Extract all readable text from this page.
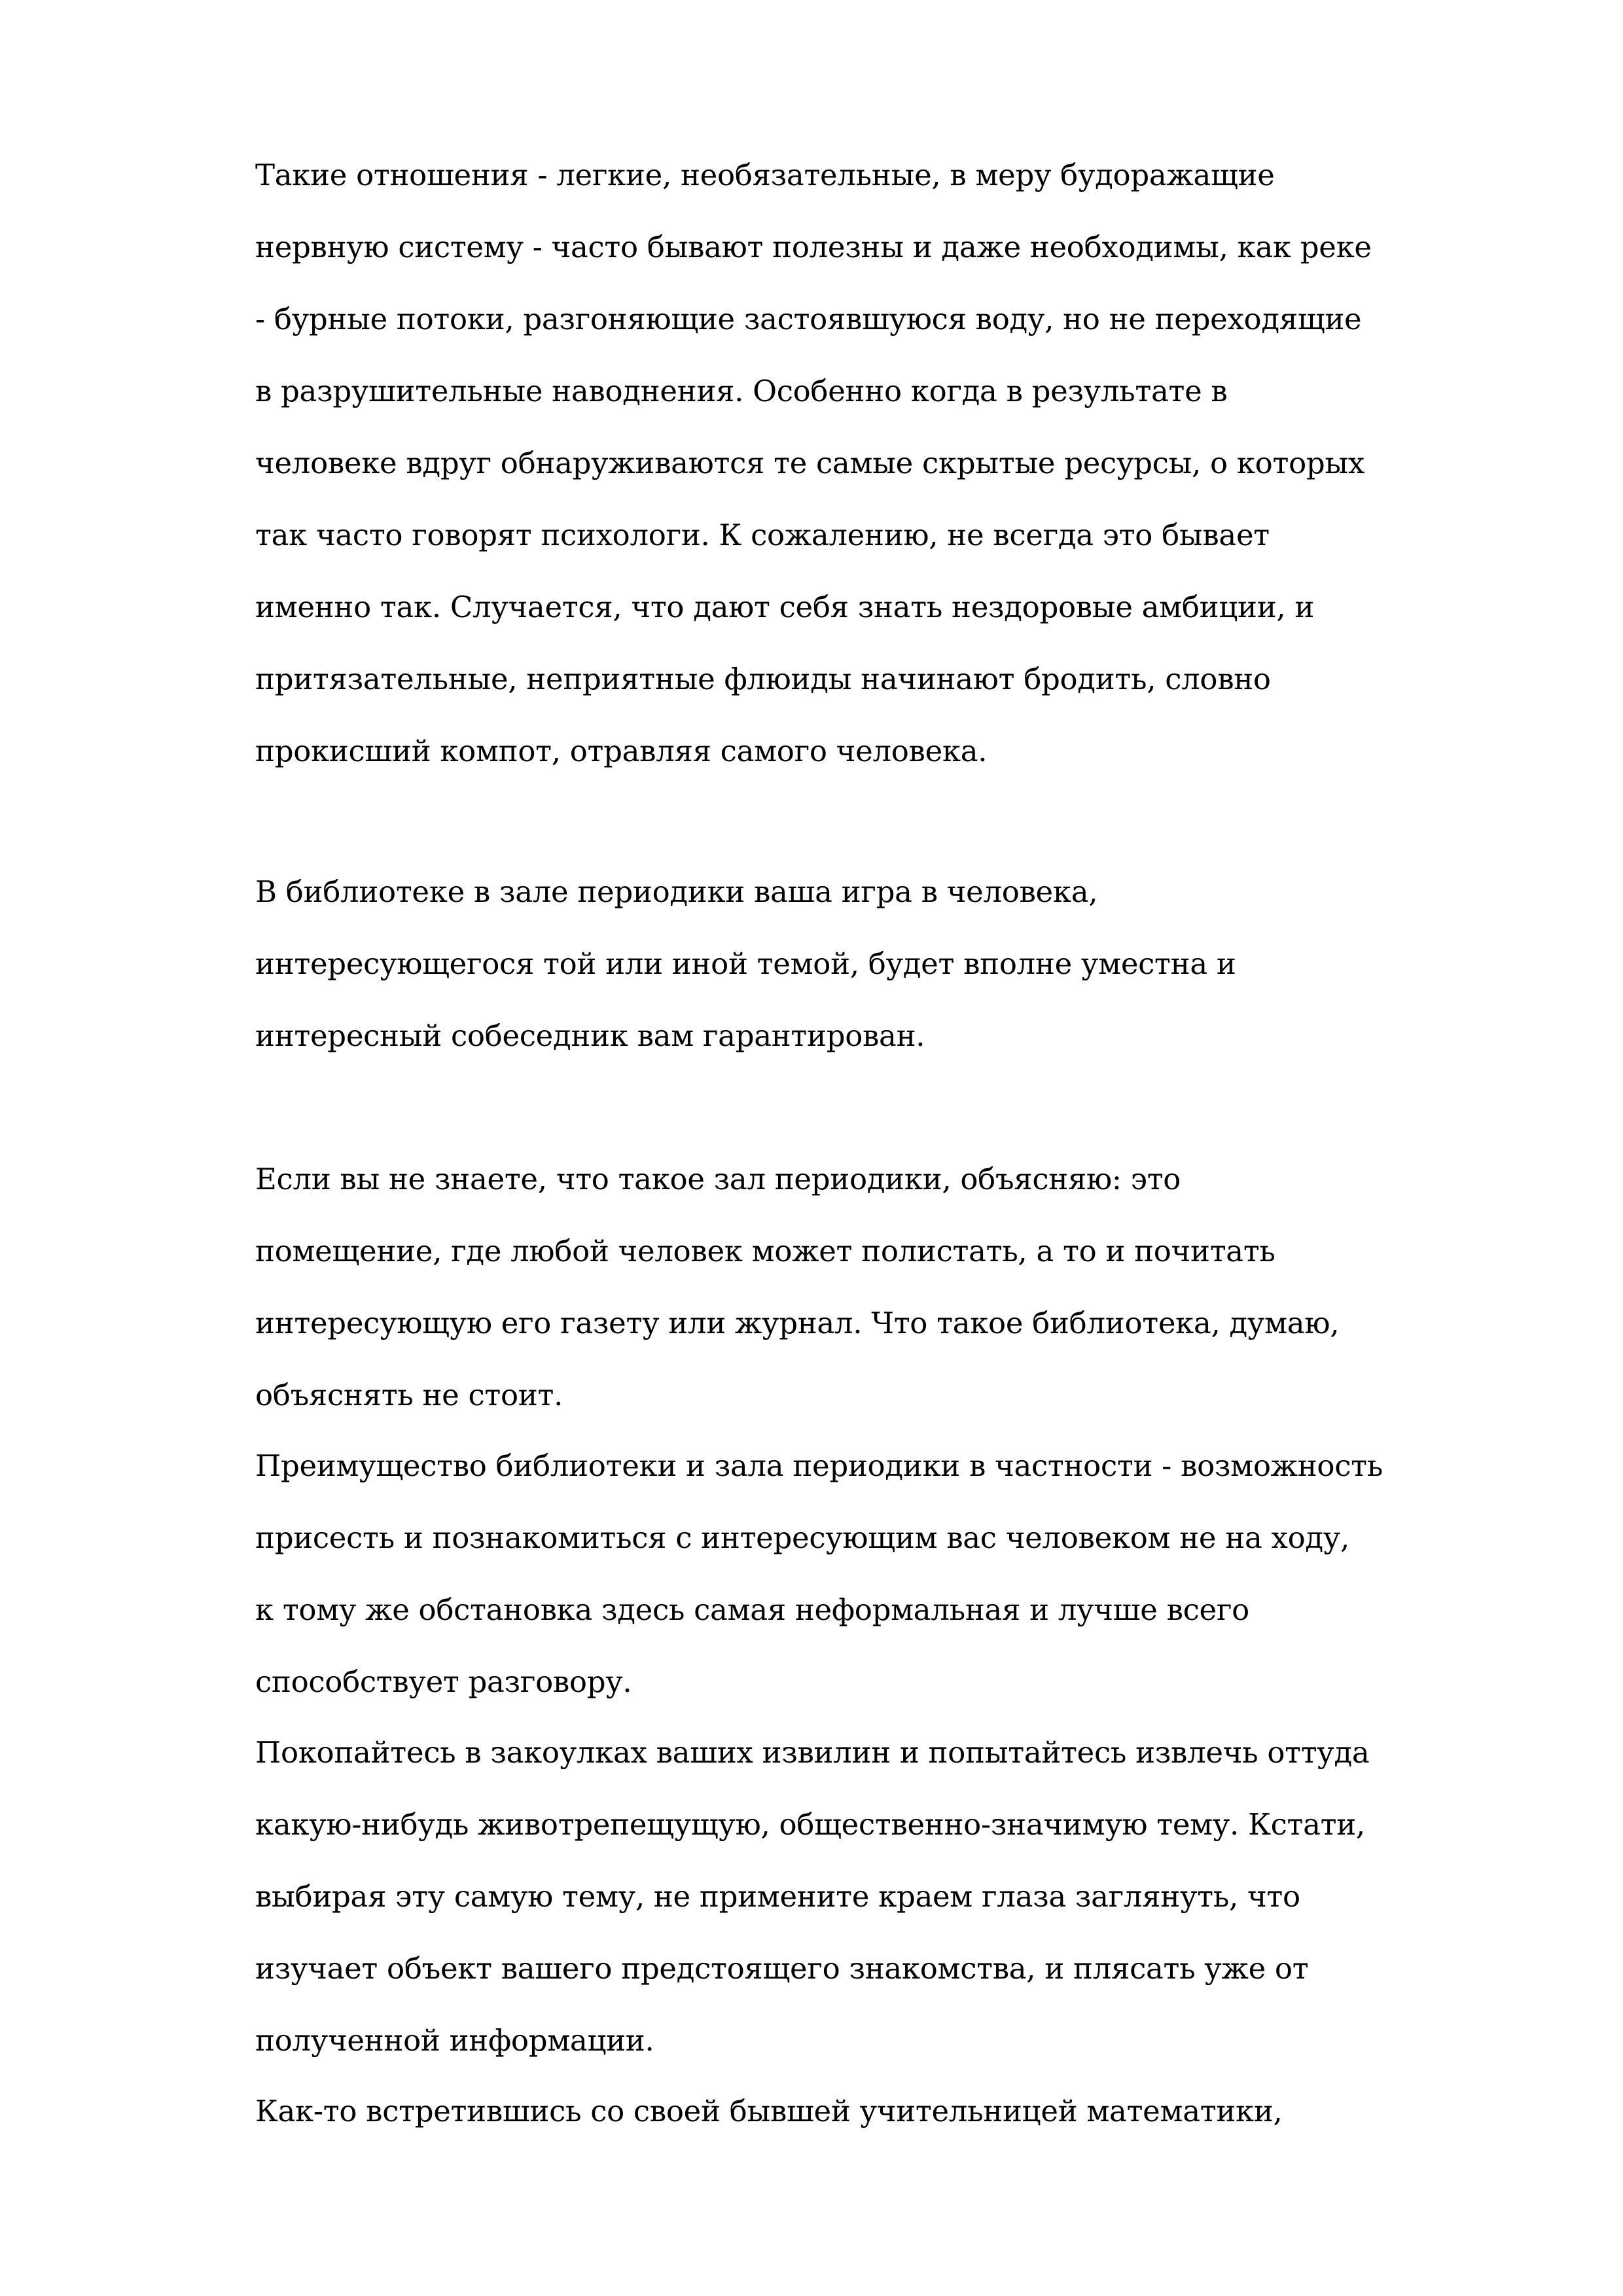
Такие отношения - легкие, необязательные, в меру будоражащие
нервную систему - часто бывают полезны и даже необходимы, как реке
- бурные потоки, разгоняющие застоявшуюся воду, но не переходящие
в разрушительные наводнения. Особенно когда в результате в
человеке вдруг обнаруживаются те самые скрытые ресурсы, о которых
так часто говорят психологи. К сожалению, не всегда это бывает
именно так. Случается, что дают себя знать нездоровые амбиции, и
притязательные, неприятные флюиды начинают бродить, словно
прокисший компот, отравляя самого человека.
В библиотеке в зале периодики ваша игра в человека,
интересующегося той или иной темой, будет вполне уместна и
интересный собеседник вам гарантирован.
Если вы не знаете, что такое зал периодики, объясняю: это
помещение, где любой человек может полистать, а то и почитать
интересующую его газету или журнал. Что такое библиотека, думаю,
объяснять не стоит.
Преимущество библиотеки и зала периодики в частности - возможность
присесть и познакомиться с интересующим вас человеком не на ходу,
к тому же обстановка здесь самая неформальная и лучше всего
способствует разговору.
Покопайтесь в закоулках ваших извилин и попытайтесь извлечь оттуда
какую-нибудь животрепещущую, общественно-значимую тему. Кстати,
выбирая эту самую тему, не примените краем глаза заглянуть, что
изучает объект вашего предстоящего знакомства, и плясать уже от
полученной информации.
Как-то встретившись со своей бывшей учительницей математики,
